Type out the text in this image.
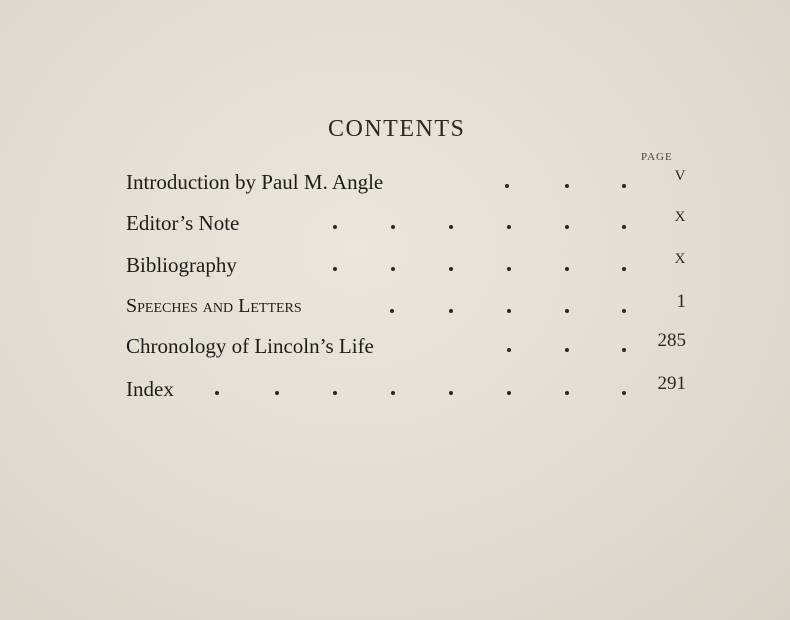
CONTENTS
PAGE
Introduction by Paul M. Angle	V
Editor’s Note	X
Bibliography	X
Speeches and Letters	1
Chronology of Lincoln’s Life	285
Index	291
